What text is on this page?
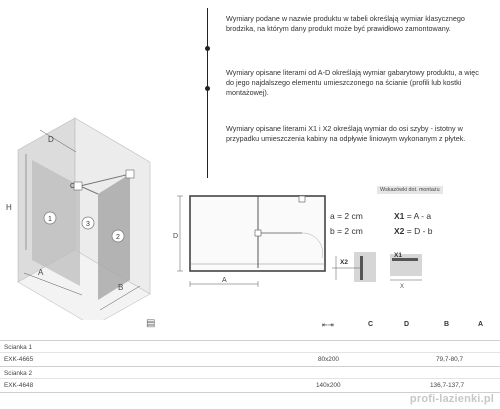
H
D
C
A
B
1
3
2

Wymiary podane w nazwie produktu w tabeli określają wymiar klasycznego brodzika, na którym dany produkt może być prawidłowo zamontowany.

Wymiary opisane literami od A-D określają wymiar gabarytowy produktu, a więc do jego najdalszego elementu umieszczonego na ścianie (profili lub kostki montażowej).

Wymiary opisane literami X1 i X2 określają wymiar do osi szyby - istotny w przypadku umieszczenia kabiny na odpływie liniowym wykonanym z płytek.

D
A
a = 2 cm
b = 2 cm
X1 = A - a
X2 = D - b
Wskazówki dot. montażu
X2
X1
X
⇤⇥	C	D	B	A
▤
Scianka 1
EXK-4665	80x200	79,7-80,7
Scianka 2
EXK-4648	140x200	136,7-137,7
profi-lazienki.pl
